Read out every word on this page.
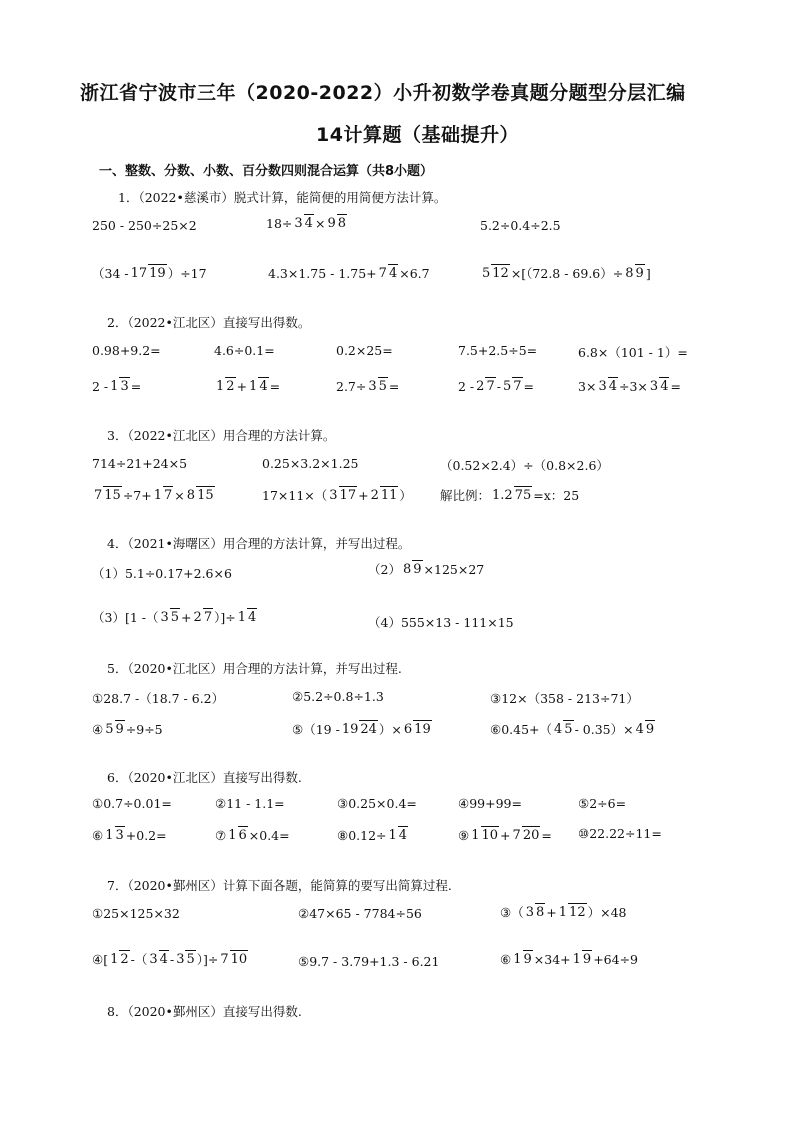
浙江省宁波市三年（2020-2022）小升初数学卷真题分题型分层汇编
14计算题（基础提升）
一、整数、分数、小数、百分数四则混合运算（共8小题）
1．（2022•慈溪市）脱式计算，能简便的用简便方法计算。
250 - 250÷25×2	18÷ 3 4 × 9 8	5.2÷0.4÷2.5
（34 - 17 19 ）÷17	4.3×1.75 - 1.75+ 7 4 ×6.7	5 12 ×[（72.8 - 69.6）÷ 8 9 ]
2．（2022•江北区）直接写出得数。
0.98+9.2=	4.6÷0.1=	0.2×25=	7.5+2.5÷5=	6.8×（101 - 1）=
2 - 1 3 =	1 2 + 1 4 =	2.7÷ 3 5 =	2 - 2 7 - 5 7 =	3× 3 4 ÷3× 3 4 =
3．（2022•江北区）用合理的方法计算。
714÷21+24×5	0.25×3.2×1.25	（0.52×2.4）÷（0.8×2.6）
7 15 ÷7+ 1 7 × 8 15	17×11×（ 3 17 + 2 11 ） 解比例： 1.2 75 =x：25
4．（2021•海曙区）用合理的方法计算，并写出过程。
（1）5.1÷0.17+2.6×6	（2） 8 9 ×125×27
（3）[1 -（ 3 5 + 2 7 ）]÷ 1 4	（4）555×13 - 111×15
5．（2020•江北区）用合理的方法计算，并写出过程.
①28.7 -（18.7 - 6.2）	②5.2÷0.8÷1.3	③12×（358 - 213÷71）
④ 5 9 ÷9÷5	⑤（19 - 19 24 ）× 6 19	⑥0.45+（ 4 5 - 0.35）× 4 9
6．（2020•江北区）直接写出得数.
①0.7÷0.01=	②11 - 1.1=	③0.25×0.4=	④99+99=	⑤2÷6=
⑥ 1 3 +0.2=	⑦ 1 6 ×0.4=	⑧0.12÷ 1 4	⑨ 1 10 + 7 20 = ⑩22.22÷11=
7．（2020•鄞州区）计算下面各题，能简算的要写出简算过程.
①25×125×32	②47×65 - 7784÷56	③（ 3 8 + 1 12 ）×48
④[ 1 2 -（ 3 4 - 3 5 ）]÷ 7 10	⑤9.7 - 3.79+1.3 - 6.21	⑥ 1 9 ×34+ 1 9 +64÷9
8．（2020•鄞州区）直接写出得数.
